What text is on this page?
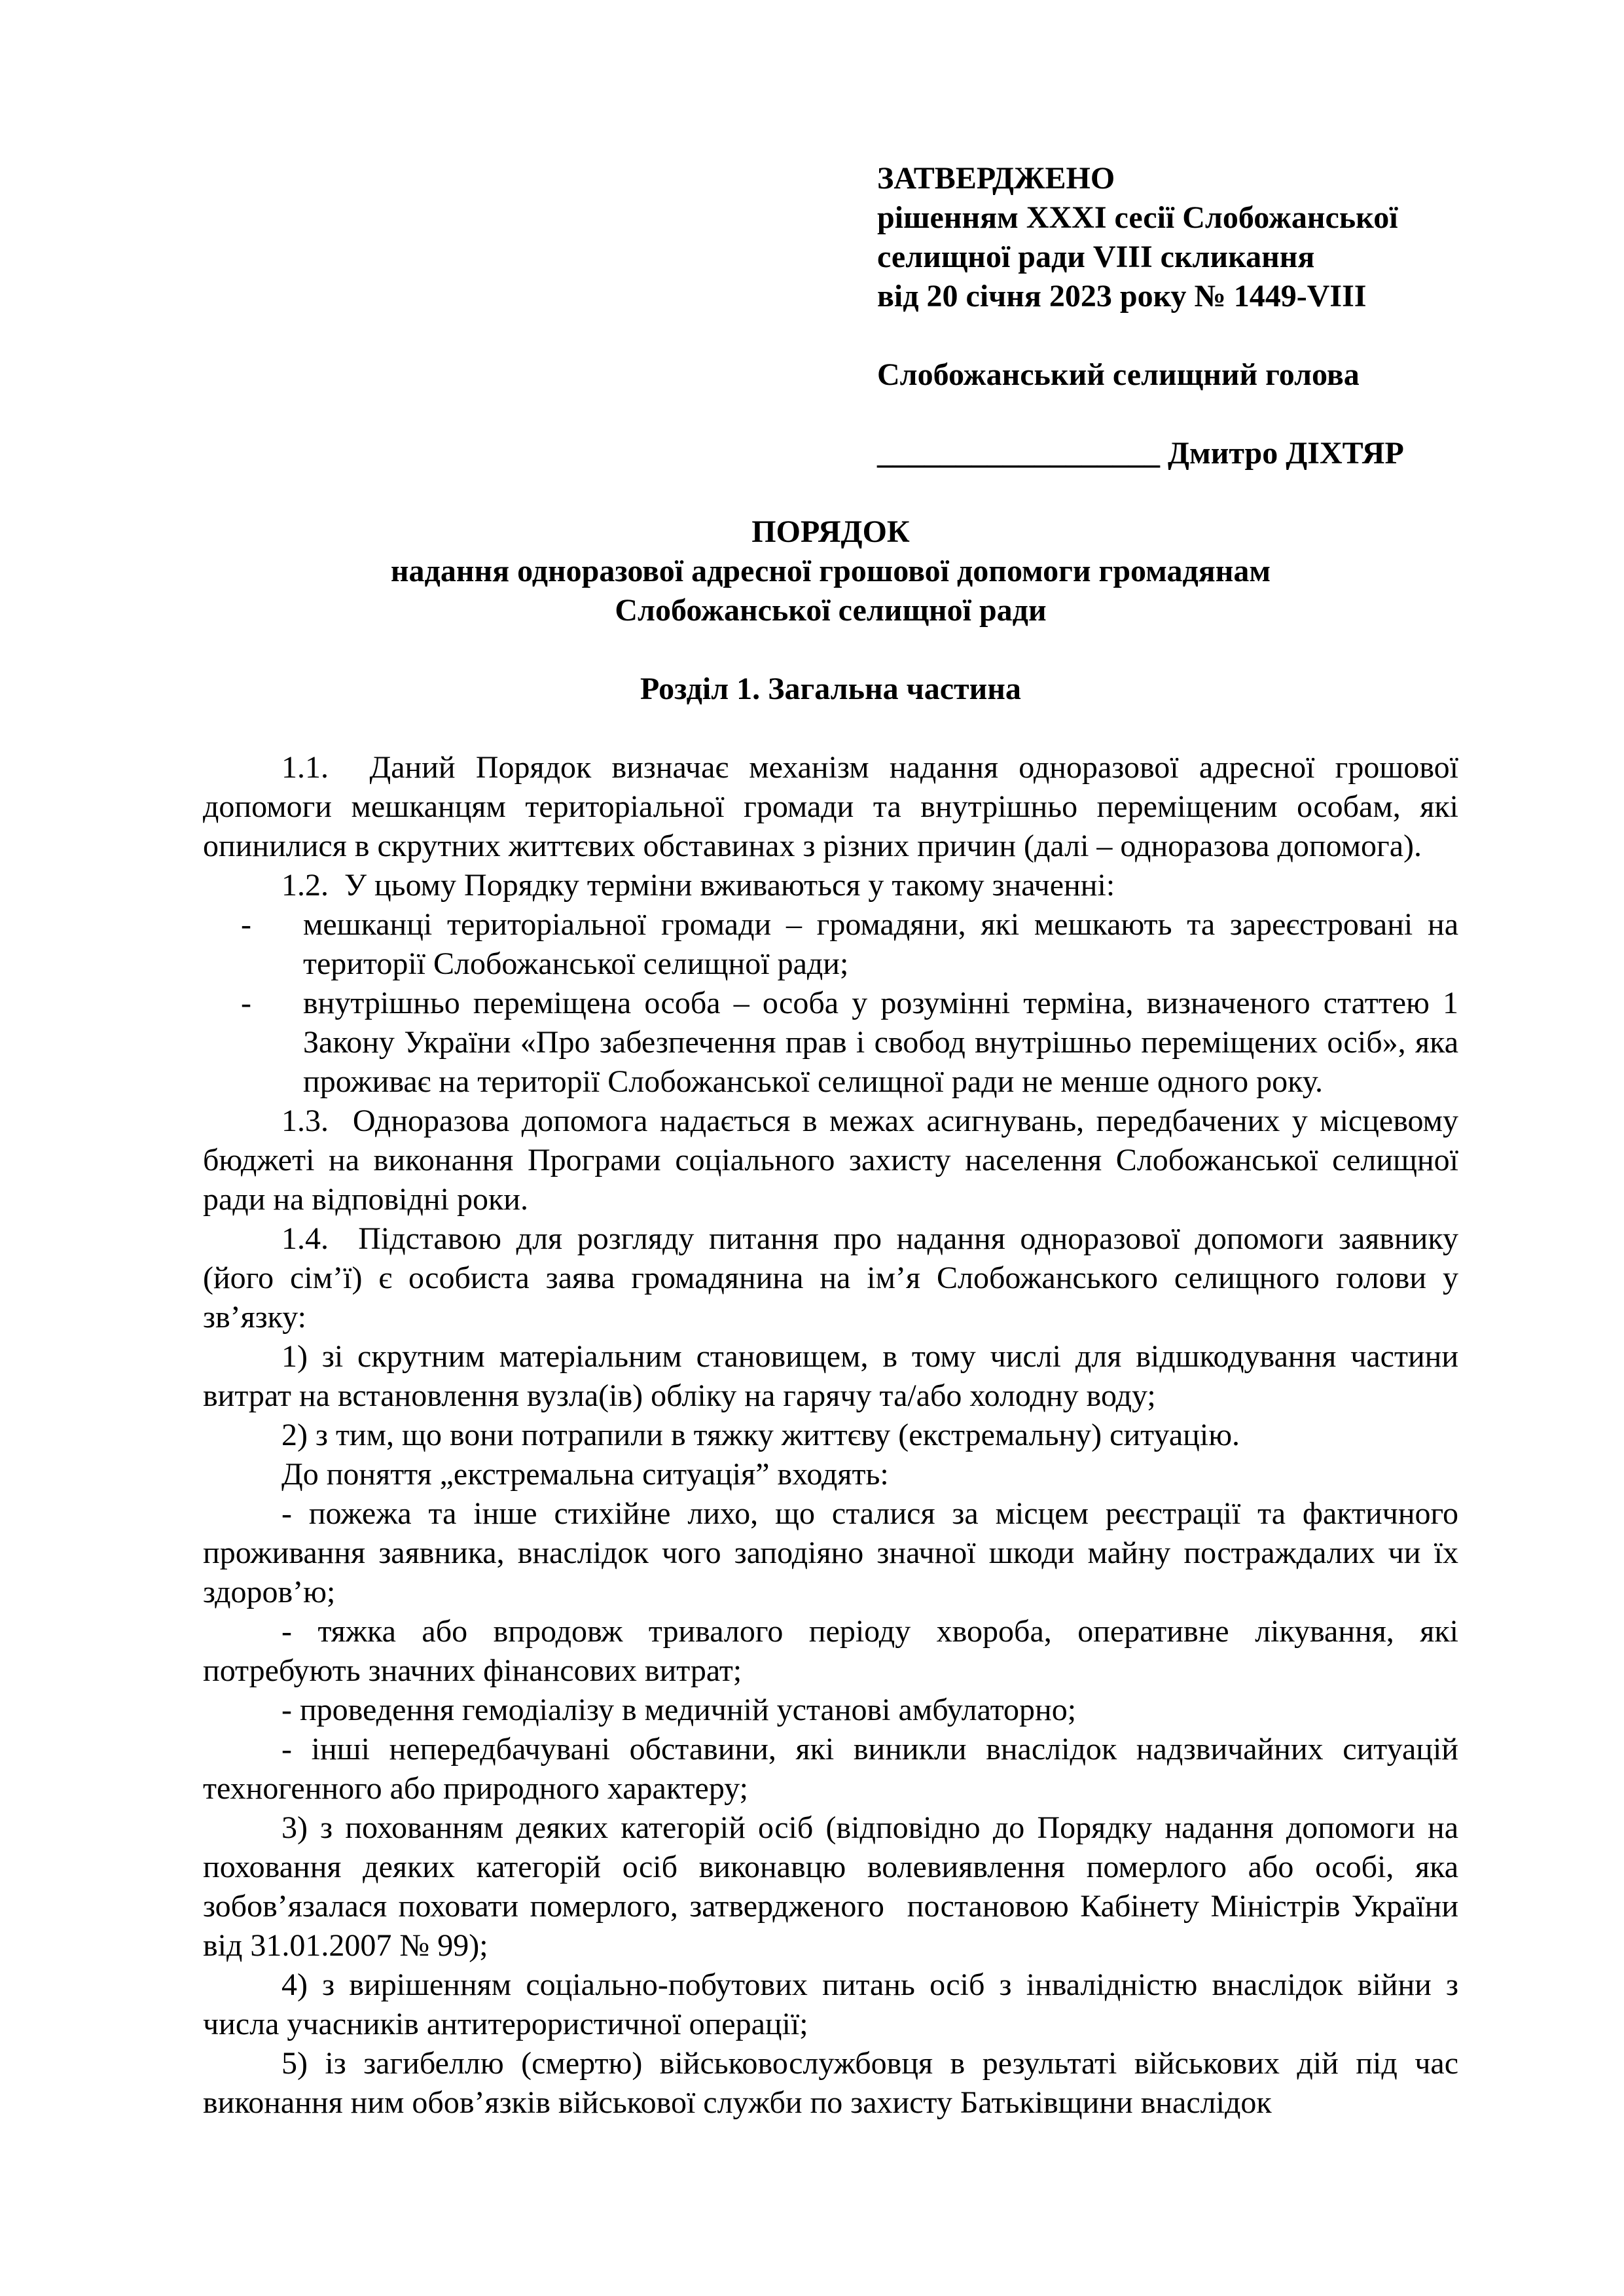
ЗАТВЕРДЖЕНО

рішенням XXXI сесії Слобожанської

селищної ради VIII скликання

від 20 січня 2023 року № 1449-VIII

Слобожанський селищний голова

__________________ Дмитро ДІХТЯР

ПОРЯДОК

надання одноразової адресної грошової допомоги громадянам

Слобожанської селищної ради

Розділ 1. Загальна частина

1.1.  Даний Порядок визначає механізм надання одноразової адресної грошової допомоги мешканцям територіальної громади та внутрішньо переміщеним особам, які опинилися в скрутних життєвих обставинах з різних причин (далі – одноразова допомога).

1.2.  У цьому Порядку терміни вживаються у такому значенні:

- мешканці територіальної громади – громадяни, які мешкають та зареєстровані на території Слобожанської селищної ради;

- внутрішньо переміщена особа – особа у розумінні терміна, визначеного статтею 1 Закону України «Про забезпечення прав і свобод внутрішньо переміщених осіб», яка проживає на території Слобожанської селищної ради не менше одного року.

1.3.  Одноразова допомога надається в межах асигнувань, передбачених у місцевому бюджеті на виконання Програми соціального захисту населення Слобожанської селищної ради на відповідні роки.

1.4.  Підставою для розгляду питання про надання одноразової допомоги заявнику (його сім’ї) є особиста заява громадянина на ім’я Слобожанського селищного голови у зв’язку:

1) зі скрутним матеріальним становищем, в тому числі для відшкодування частини витрат на встановлення вузла(ів) обліку на гарячу та/або холодну воду;

2) з тим, що вони потрапили в тяжку життєву (екстремальну) ситуацію.

До поняття „екстремальна ситуація” входять:

- пожежа та інше стихійне лихо, що сталися за місцем реєстрації та фактичного проживання заявника, внаслідок чого заподіяно значної шкоди майну постраждалих чи їх здоров’ю;

- тяжка або впродовж тривалого періоду хвороба, оперативне лікування, які потребують значних фінансових витрат;

- проведення гемодіалізу в медичній установі амбулаторно;

- інші непередбачувані обставини, які виникли внаслідок надзвичайних ситуацій техногенного або природного характеру;

3) з похованням деяких категорій осіб (відповідно до Порядку надання допомоги на поховання деяких категорій осіб виконавцю волевиявлення померлого або особі, яка зобов’язалася поховати померлого, затвердженого  постановою Кабінету Міністрів України від 31.01.2007 № 99);

4) з вирішенням соціально-побутових питань осіб з інвалідністю внаслідок війни з числа учасників антитерористичної операції;

5) із загибеллю (смертю) військовослужбовця в результаті військових дій під час виконання ним обов’язків військової служби по захисту Батьківщини внаслідок
